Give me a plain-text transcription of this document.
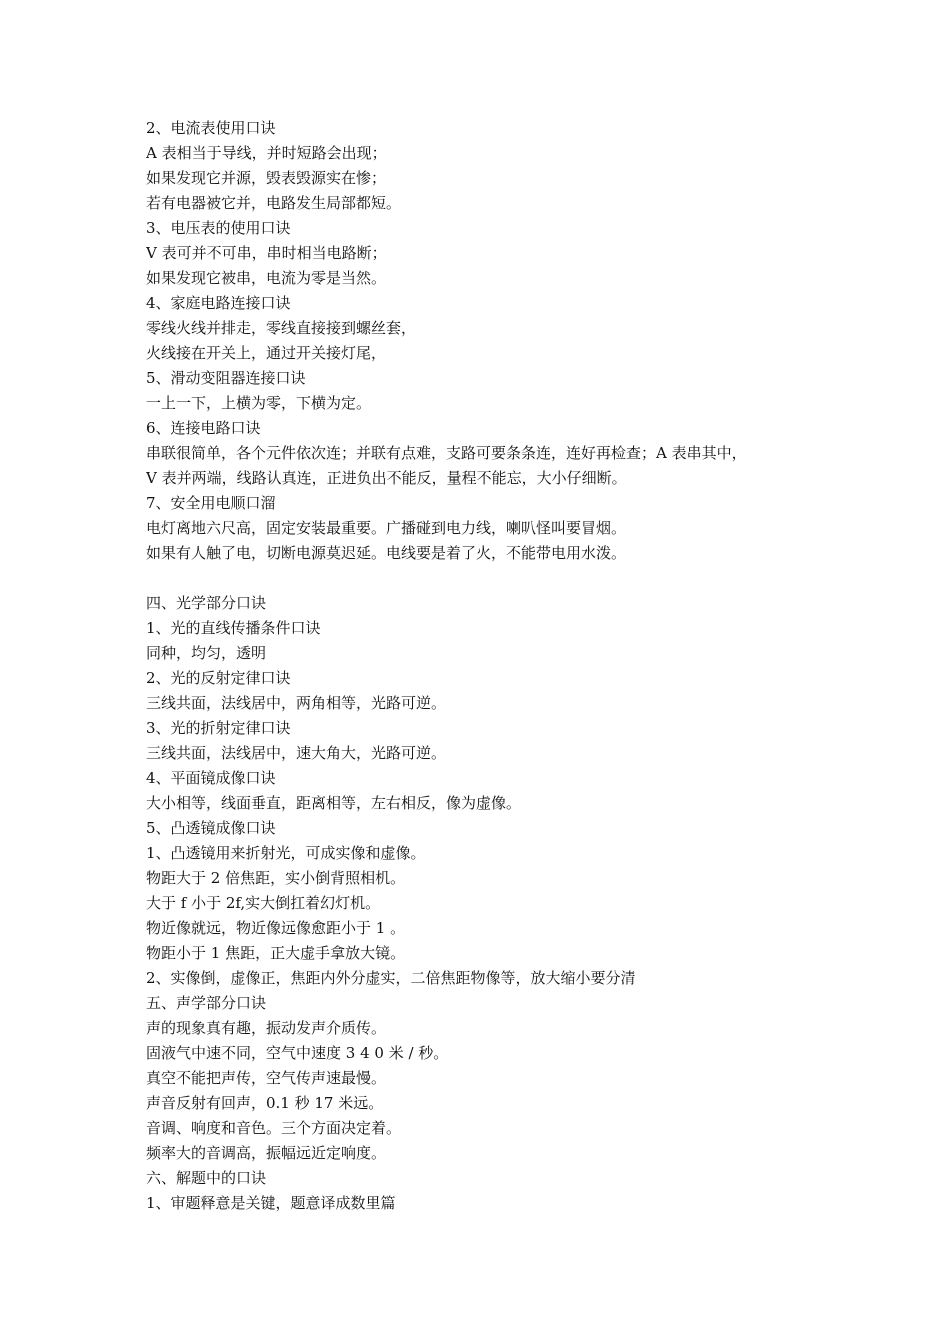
2、电流表使用口诀
A 表相当于导线，并时短路会出现；
如果发现它并源，毁表毁源实在惨；
若有电器被它并，电路发生局部都短。
3、电压表的使用口诀
V 表可并不可串，串时相当电路断；
如果发现它被串，电流为零是当然。
4、家庭电路连接口诀
零线火线并排走，零线直接接到螺丝套，
火线接在开关上，通过开关接灯尾，
5、滑动变阻器连接口诀
一上一下，上横为零，下横为定。
6、连接电路口诀
串联很简单，各个元件依次连；并联有点难，支路可要条条连，连好再检查；A 表串其中，
V 表并两端，线路认真连，正进负出不能反，量程不能忘，大小仔细断。
7、安全用电顺口溜
电灯离地六尺高，固定安装最重要。广播碰到电力线，喇叭怪叫要冒烟。
如果有人触了电，切断电源莫迟延。电线要是着了火，不能带电用水泼。
四、光学部分口诀
1、光的直线传播条件口诀
同种，均匀，透明
2、光的反射定律口诀
三线共面，法线居中，两角相等，光路可逆。
3、光的折射定律口诀
三线共面，法线居中，速大角大，光路可逆。
4、平面镜成像口诀
大小相等，线面垂直，距离相等，左右相反，像为虚像。
5、凸透镜成像口诀
1、凸透镜用来折射光，可成实像和虚像。
物距大于 2 倍焦距，实小倒背照相机。
大于 f 小于 2f,实大倒扛着幻灯机。
物近像就远，物近像远像愈距小于 1 。
物距小于 1 焦距，正大虚手拿放大镜。
2、实像倒，虚像正，焦距内外分虚实，二倍焦距物像等，放大缩小要分清
五、声学部分口诀
声的现象真有趣，振动发声介质传。
固液气中速不同，空气中速度 3 4 0 米 / 秒。
真空不能把声传，空气传声速最慢。
声音反射有回声，0.1 秒 17 米远。
音调、响度和音色。三个方面决定着。
频率大的音调高，振幅远近定响度。
六、解题中的口诀
1、审题释意是关键，题意译成数里篇
